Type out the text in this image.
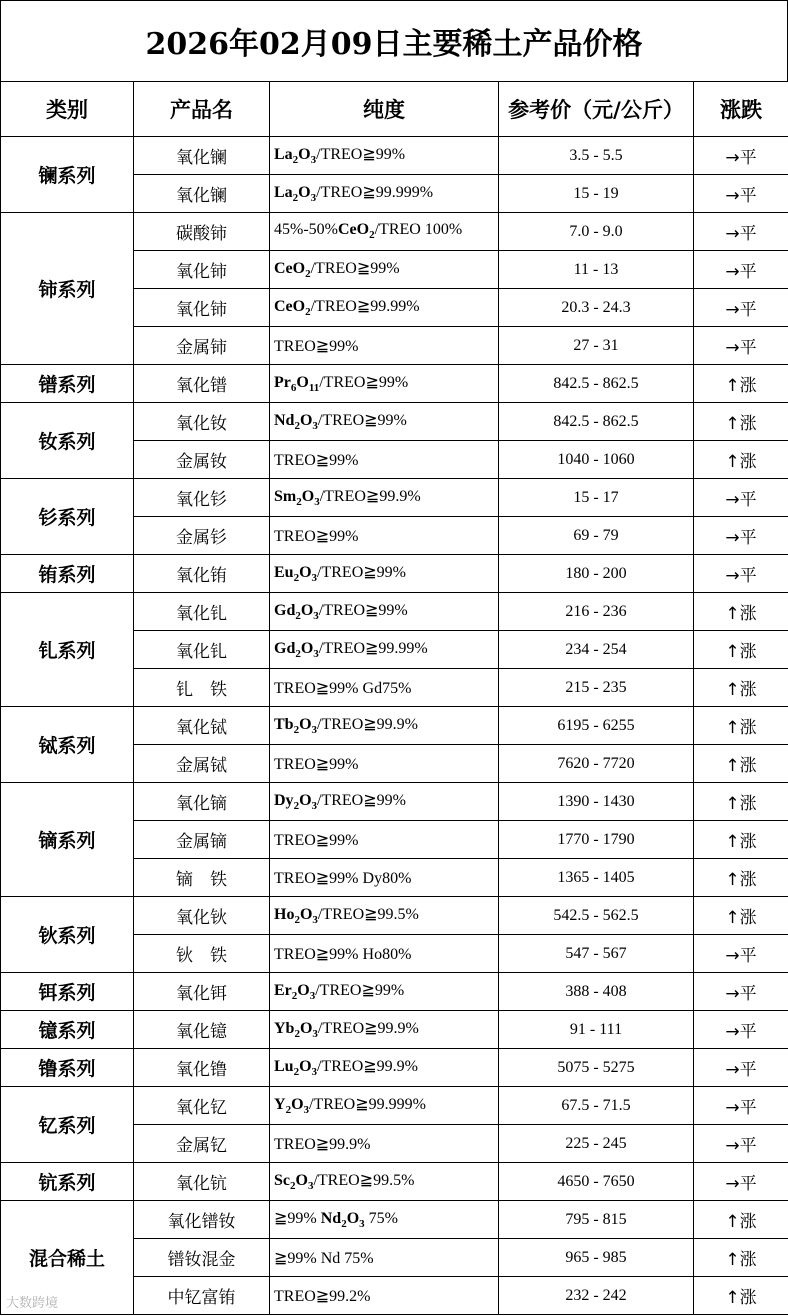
2026年02月09日主要稀土产品价格
类别	产品名	纯度	参考价（元/公斤）	涨跌
镧系列	氧化镧	$La_2O_3/TREO≧99\%$	3.5 - 5.5	→平
	氧化镧	$La_2O_3/TREO≧99.999\%$	15 - 19	→平
铈系列	碳酸铈	45%-50%CeO$_2$/TREO 100%	7.0 - 9.0	→平
	氧化铈	CeO$_2$/TREO≧99%	11 - 13	→平
	氧化铈	CeO$_2$/TREO≧99.99%	20.3 - 24.3	→平
	金属铈	TREO≧99%	27 - 31	→平
镨系列	氧化镨	$Pr_6O_{11}/TREO≧99\%$	842.5 - 862.5	↑涨
钕系列	氧化钕	$Nd_2O_3/TREO≧99\%$	842.5 - 862.5	↑涨
	金属钕	TREO≧99%	1040 - 1060	↑涨
钐系列	氧化钐	$Sm_2O_3/TREO≧99.9\%$	15 - 17	→平
	金属钐	TREO≧99%	69 - 79	→平
铕系列	氧化铕	$Eu_2O_3/TREO≧99\%$	180 - 200	→平
钆系列	氧化钆	$Gd_2O_3/TREO≧99\%$	216 - 236	↑涨
	氧化钆	$Gd_2O_3/TREO≧99.99\%$	234 - 254	↑涨
	钆　铁	TREO≧99% Gd75%	215 - 235	↑涨
铽系列	氧化铽	$Tb_2O_3/TREO≧99.9\%$	6195 - 6255	↑涨
	金属铽	TREO≧99%	7620 - 7720	↑涨
镝系列	氧化镝	$Dy_2O_3/TREO≧99\%$	1390 - 1430	↑涨
	金属镝	TREO≧99%	1770 - 1790	↑涨
	镝　铁	TREO≧99% Dy80%	1365 - 1405	↑涨
钬系列	氧化钬	$Ho_2O_3/TREO≧99.5\%$	542.5 - 562.5	↑涨
	钬　铁	TREO≧99% Ho80%	547 - 567	→平
铒系列	氧化铒	$Er_2O_3/TREO≧99\%$	388 - 408	→平
镱系列	氧化镱	$Yb_2O_3/TREO≧99.9\%$	91 - 111	→平
镥系列	氧化镥	$Lu_2O_3/TREO≧99.9\%$	5075 - 5275	→平
钇系列	氧化钇	$Y_2O_3/TREO≧99.999\%$	67.5 - 71.5	→平
	金属钇	TREO≧99.9%	225 - 245	→平
钪系列	氧化钪	$Sc_2O_3/TREO≧99.5\%$	4650 - 7650	→平
混合稀土	氧化镨钕	≧99% $Nd_2O_3$ 75%	795 - 815	↑涨
	镨钕混金	≧99% Nd 75%	965 - 985	↑涨
	中钇富铕	TREO≧99.2%	232 - 242	↑涨
大数跨境
